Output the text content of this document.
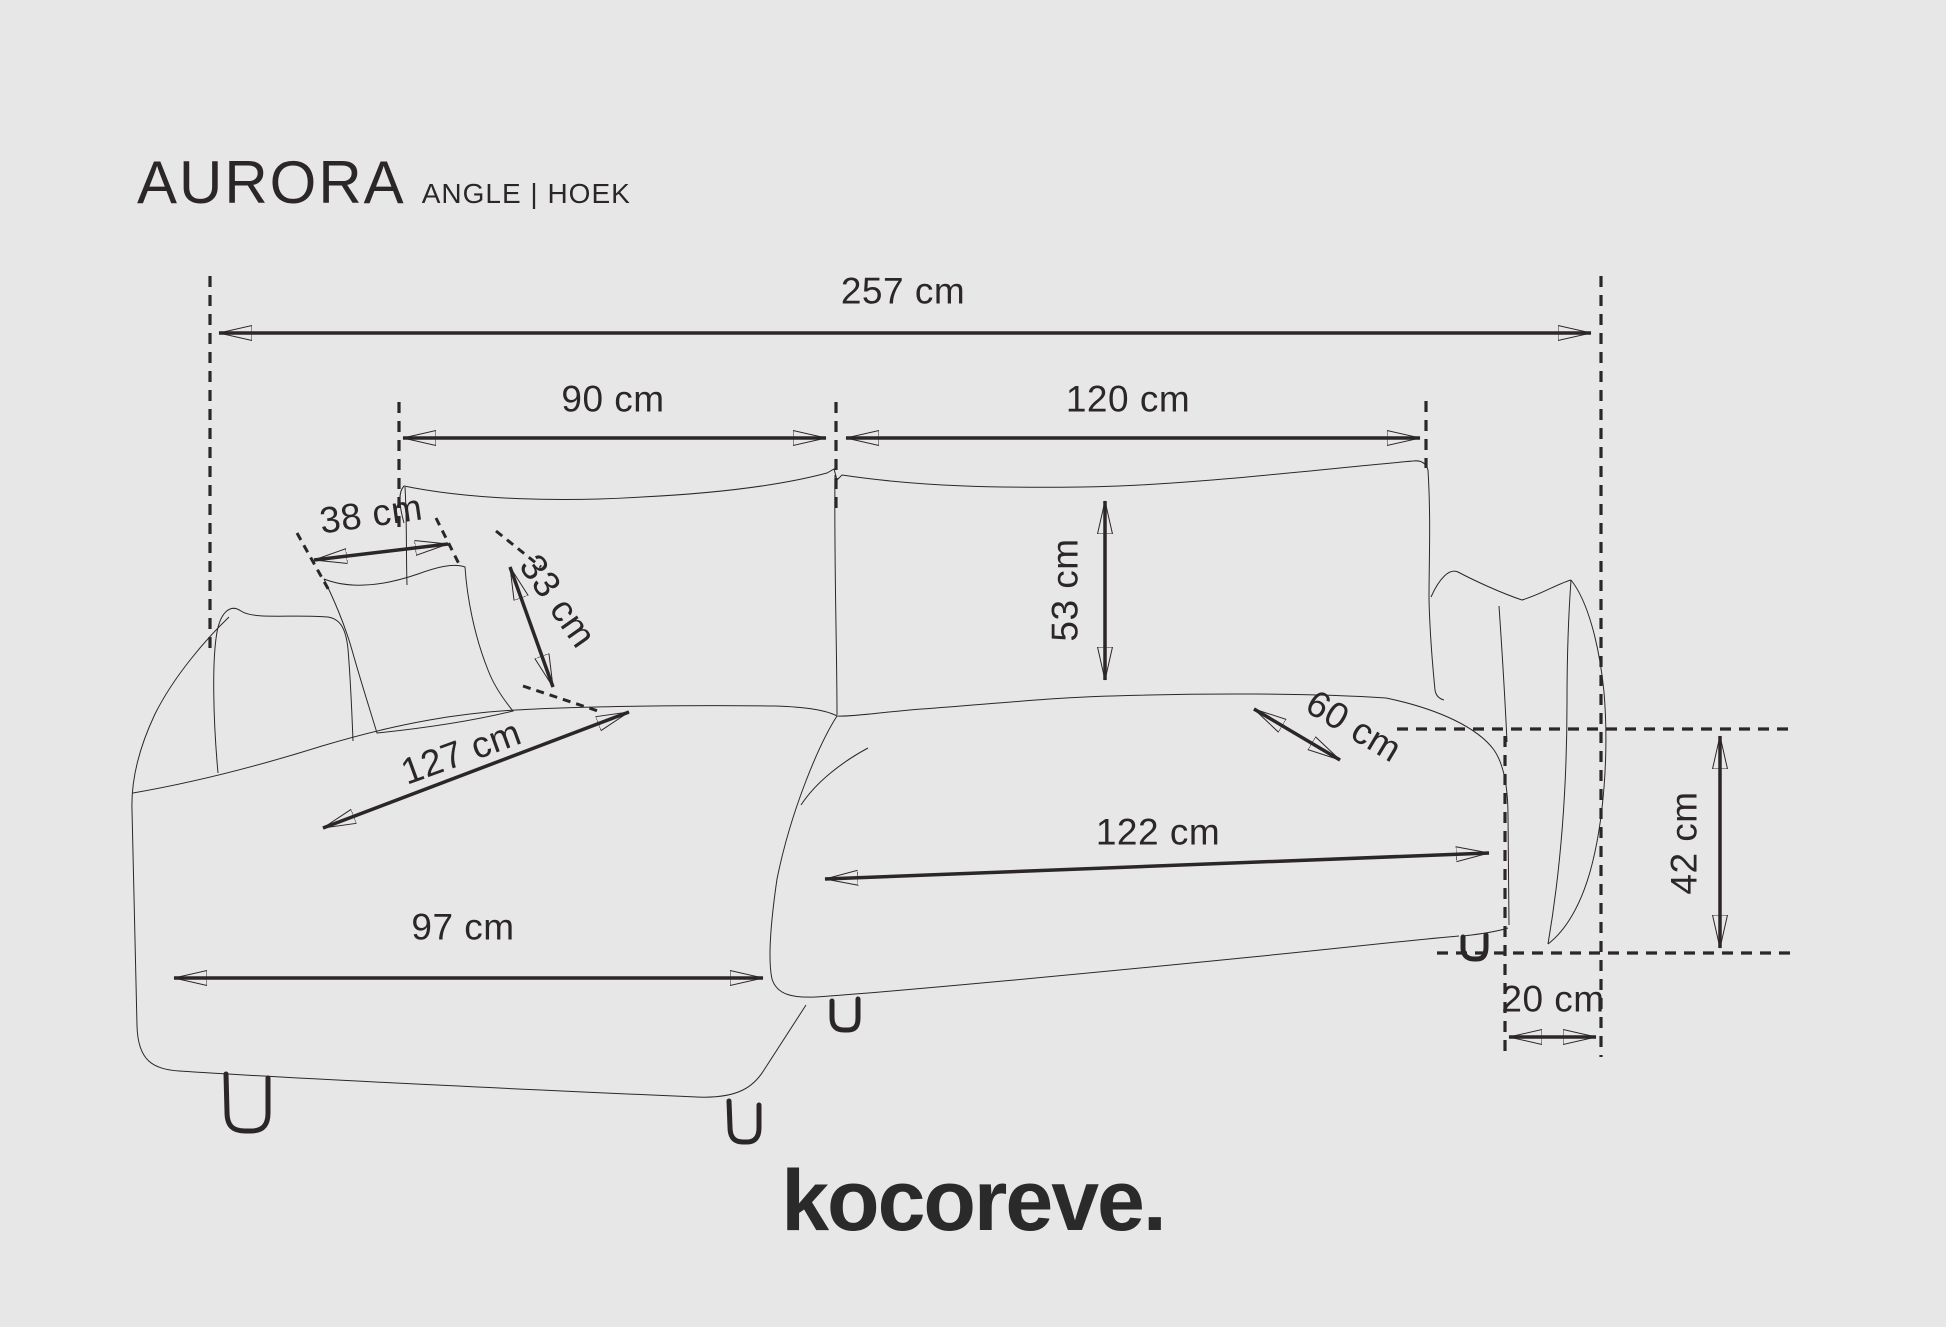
AURORA ANGLE | HOEK
257 cm
90 cm	120 cm
38 cm
33 cm	53 cm
60 cm
127 cm
97 cm
122 cm	42 cm
20 cm
kocoreve.
